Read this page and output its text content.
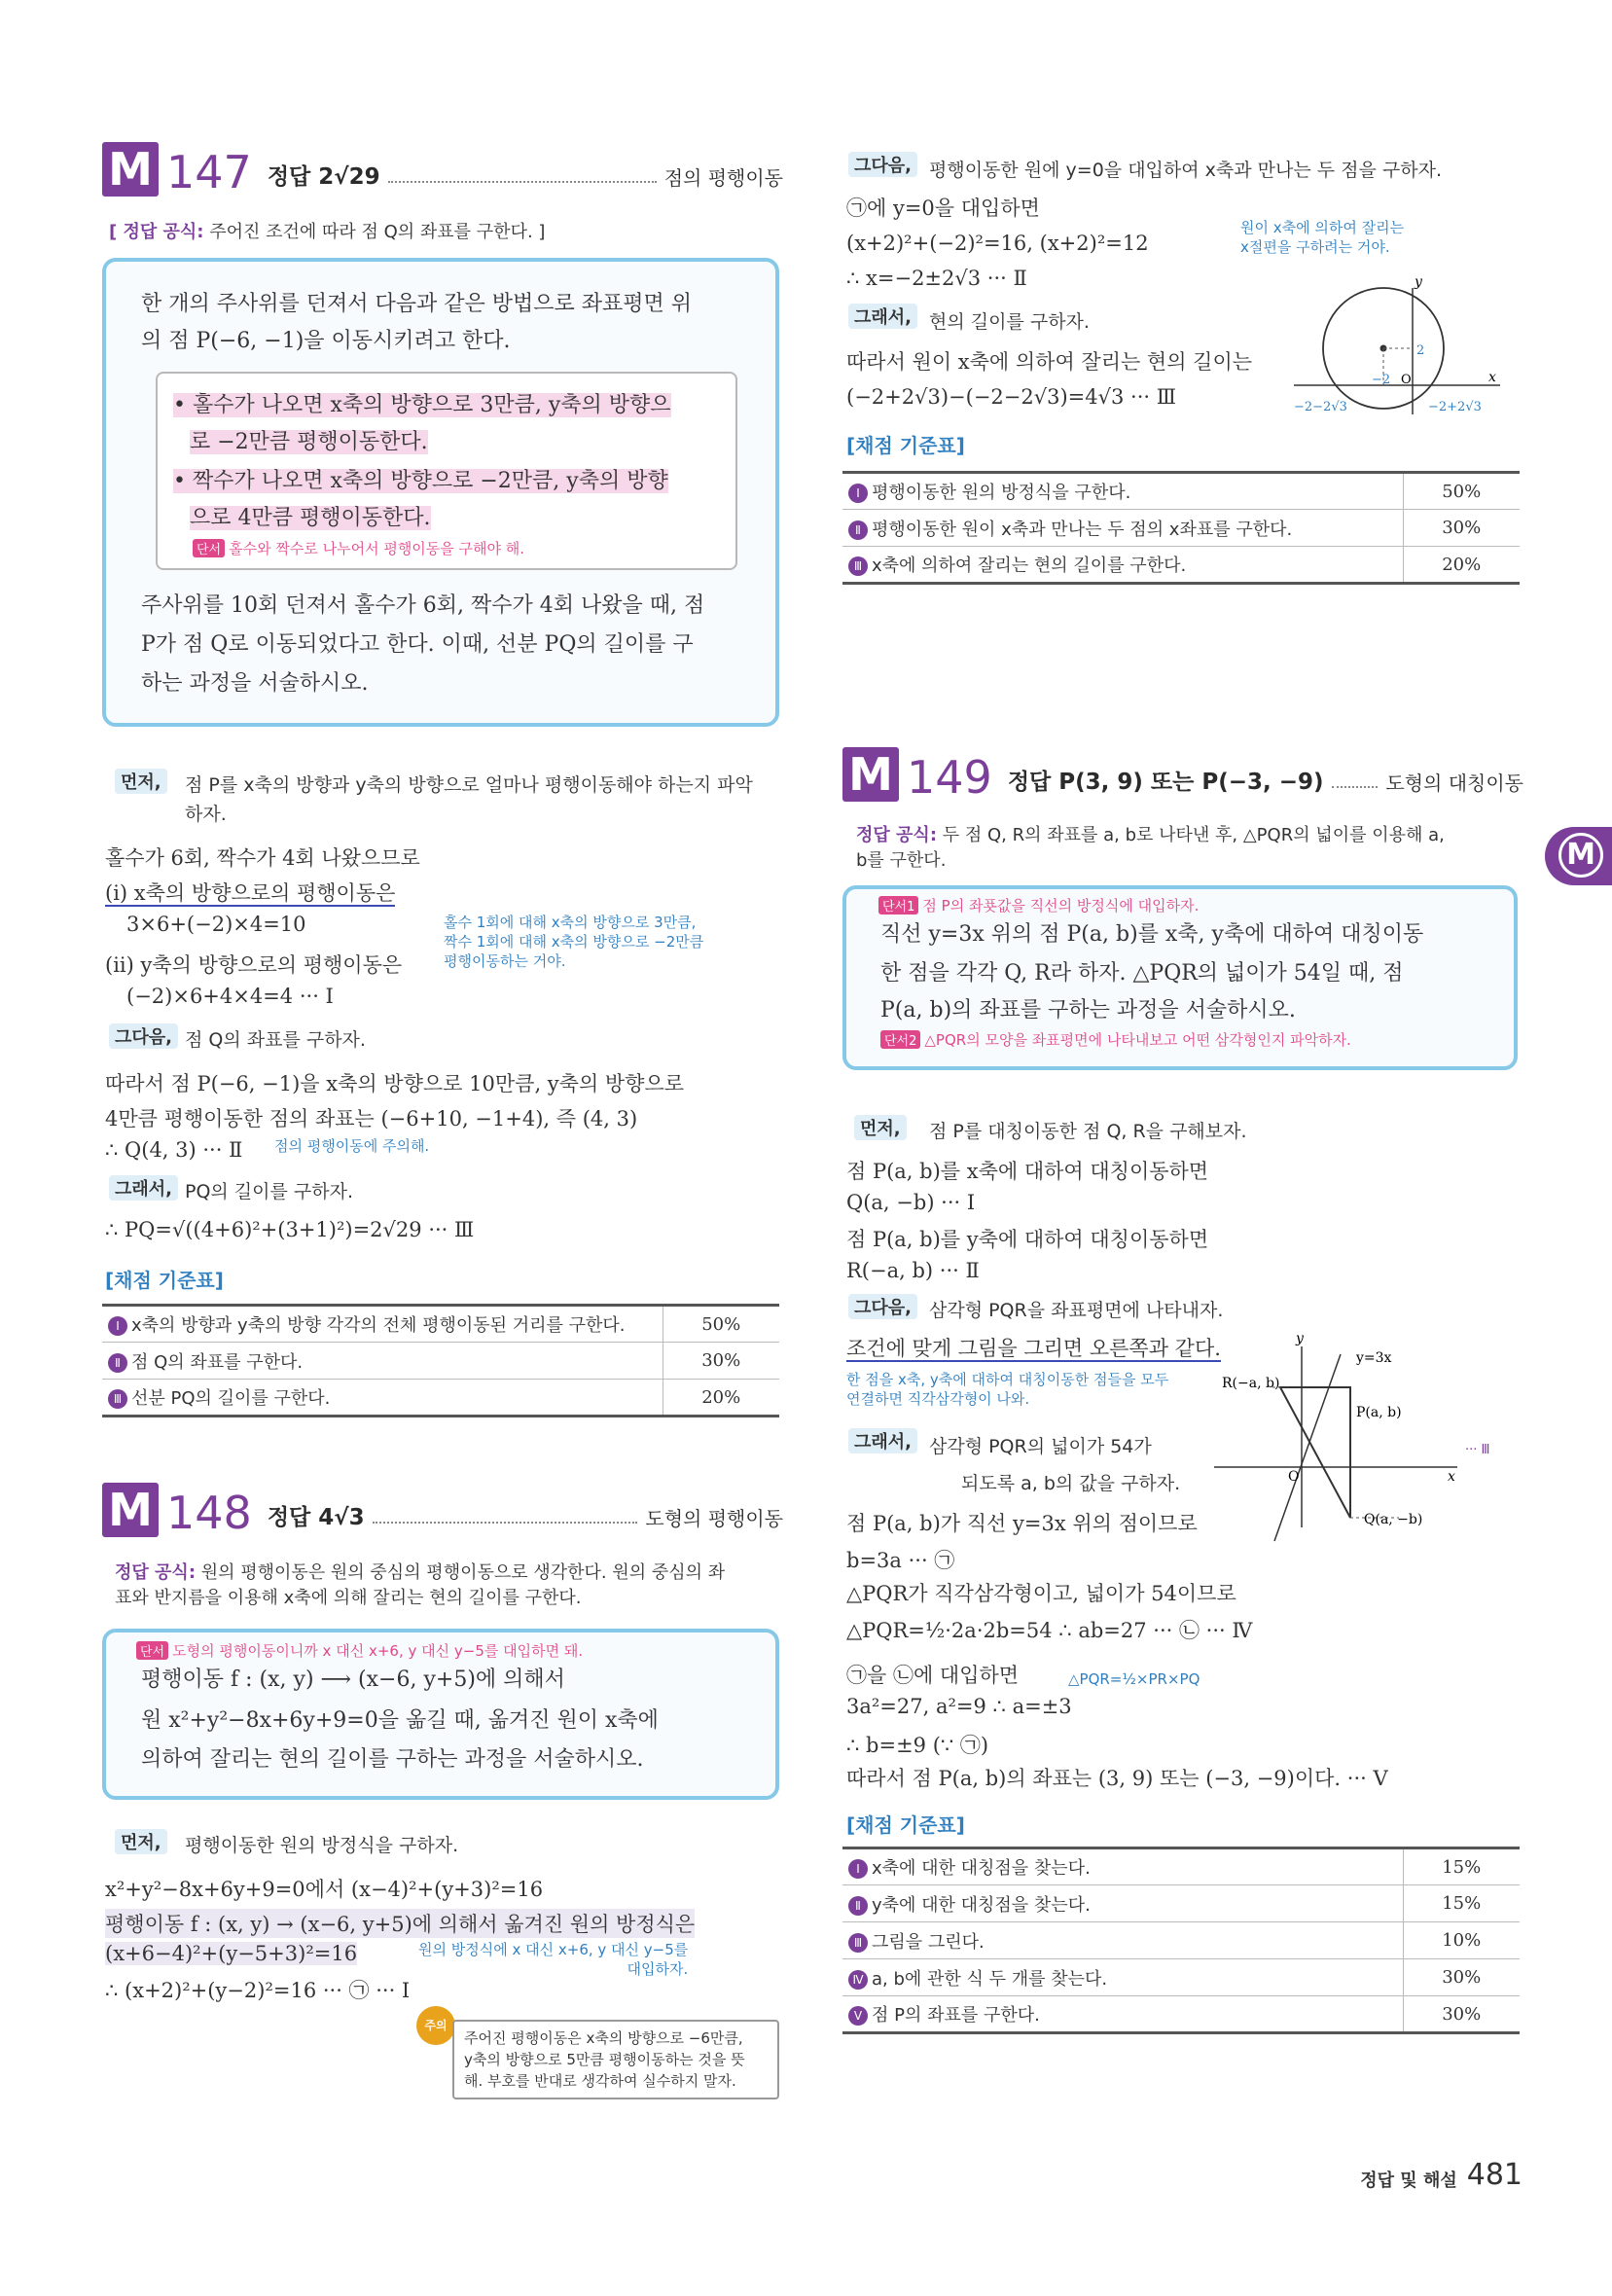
M 147 정답 2√29	점의 평행이동
[ 정답 공식: 주어진 조건에 따라 점 Q의 좌표를 구한다. ]
한 개의 주사위를 던져서 다음과 같은 방법으로 좌표평면 위
의 점 P(−6, −1)을 이동시키려고 한다.
• 홀수가 나오면 x축의 방향으로 3만큼, y축의 방향으
로 −2만큼 평행이동한다.
• 짝수가 나오면 x축의 방향으로 −2만큼, y축의 방향
으로 4만큼 평행이동한다.
단서 홀수와 짝수로 나누어서 평행이동을 구해야 해.
주사위를 10회 던져서 홀수가 6회, 짝수가 4회 나왔을 때, 점
P가 점 Q로 이동되었다고 한다. 이때, 선분 PQ의 길이를 구
하는 과정을 서술하시오.
먼저,	점 P를 x축의 방향과 y축의 방향으로 얼마나 평행이동해야 하는지 파악
하자.
홀수가 6회, 짝수가 4회 나왔으므로
(i) x축의 방향으로의 평행이동은
3×6+(−2)×4=10
(ii) y축의 방향으로의 평행이동은
(−2)×6+4×4=4 ··· Ⅰ
홀수 1회에 대해 x축의 방향으로 3만큼,
짝수 1회에 대해 x축의 방향으로 −2만큼
평행이동하는 거야.
그다음, 점 Q의 좌표를 구하자.
따라서 점 P(−6, −1)을 x축의 방향으로 10만큼, y축의 방향으로
4만큼 평행이동한 점의 좌표는 (−6+10, −1+4), 즉 (4, 3)
∴ Q(4, 3) ··· Ⅱ 점의 평행이동에 주의해.
그래서, PQ의 길이를 구하자.
∴ PQ=√((4+6)²+(3+1)²)=2√29 ··· Ⅲ
[채점 기준표]
Ⅰ x축의 방향과 y축의 방향 각각의 전체 평행이동된 거리를 구한다.	50%
Ⅱ 점 Q의 좌표를 구한다.	30%
Ⅲ 선분 PQ의 길이를 구한다.	20%
M 148 정답 4√3	도형의 평행이동
정답 공식: 원의 평행이동은 원의 중심의 평행이동으로 생각한다. 원의 중심의 좌
표와 반지름을 이용해 x축에 의해 잘리는 현의 길이를 구한다.
단서 도형의 평행이동이니까 x 대신 x+6, y 대신 y−5를 대입하면 돼.
평행이동 f : (x, y) ⟶ (x−6, y+5)에 의해서
원 x²+y²−8x+6y+9=0을 옮길 때, 옮겨진 원이 x축에
의하여 잘리는 현의 길이를 구하는 과정을 서술하시오.
먼저,	평행이동한 원의 방정식을 구하자.
x²+y²−8x+6y+9=0에서 (x−4)²+(y+3)²=16
평행이동 f : (x, y) → (x−6, y+5)에 의해서 옮겨진 원의 방정식은
(x+6−4)²+(y−5+3)²=16	원의 방정식에 x 대신 x+6, y 대신 y−5를
대입하자.
∴ (x+2)²+(y−2)²=16 ··· ㉠ ··· Ⅰ
주의
주어진 평행이동은 x축의 방향으로 −6만큼,
y축의 방향으로 5만큼 평행이동하는 것을 뜻
해. 부호를 반대로 생각하여 실수하지 말자.
그다음, 평행이동한 원에 y=0을 대입하여 x축과 만나는 두 점을 구하자.
㉠에 y=0을 대입하면
(x+2)²+(−2)²=16, (x+2)²=12
∴ x=−2±2√3 ··· Ⅱ
원이 x축에 의하여 잘리는
x절편을 구하려는 거야.
그래서, 현의 길이를 구하자.
따라서 원이 x축에 의하여 잘리는 현의 길이는
(−2+2√3)−(−2−2√3)=4√3 ··· Ⅲ
y
x
2
−2 O
−2−2√3	−2+2√3
[채점 기준표]
Ⅰ 평행이동한 원의 방정식을 구한다.	50%
Ⅱ 평행이동한 원이 x축과 만나는 두 점의 x좌표를 구한다.	30%
Ⅲ x축에 의하여 잘리는 현의 길이를 구한다.	20%
M 149 정답 P(3, 9) 또는 P(−3, −9)	도형의 대칭이동
정답 공식: 두 점 Q, R의 좌표를 a, b로 나타낸 후, △PQR의 넓이를 이용해 a,
b를 구한다.
단서1 점 P의 좌푯값을 직선의 방정식에 대입하자.
직선 y=3x 위의 점 P(a, b)를 x축, y축에 대하여 대칭이동
한 점을 각각 Q, R라 하자. △PQR의 넓이가 54일 때, 점
P(a, b)의 좌표를 구하는 과정을 서술하시오.
단서2 △PQR의 모양을 좌표평면에 나타내보고 어떤 삼각형인지 파악하자.
먼저,	점 P를 대칭이동한 점 Q, R을 구해보자.
점 P(a, b)를 x축에 대하여 대칭이동하면
Q(a, −b) ··· Ⅰ
점 P(a, b)를 y축에 대하여 대칭이동하면
R(−a, b) ··· Ⅱ
그다음, 삼각형 PQR을 좌표평면에 나타내자.
조건에 맞게 그림을 그리면 오른쪽과 같다.
한 점을 x축, y축에 대하여 대칭이동한 점들을 모두
연결하면 직각삼각형이 나와.
그래서, 삼각형 PQR의 넓이가 54가
되도록 a, b의 값을 구하자.
점 P(a, b)가 직선 y=3x 위의 점이므로
b=3a ··· ㉠
△PQR가 직각삼각형이고, 넓이가 54이므로
△PQR=½·2a·2b=54 ∴ ab=27 ··· ㉡ ··· Ⅳ
㉠을 ㉡에 대입하면	△PQR=½×PR×PQ
3a²=27, a²=9 ∴ a=±3
∴ b=±9 (∵ ㉠)
따라서 점 P(a, b)의 좌표는 (3, 9) 또는 (−3, −9)이다. ··· Ⅴ
y
y=3x
R(−a, b)
P(a, b)
O	x
Q(a, −b)
··· Ⅲ
[채점 기준표]
Ⅰ x축에 대한 대칭점을 찾는다.	15%
Ⅱ y축에 대한 대칭점을 찾는다.	15%
Ⅲ 그림을 그린다.	10%
Ⅳ a, b에 관한 식 두 개를 찾는다.	30%
Ⅴ 점 P의 좌표를 구한다.	30%
M
정답 및 해설 481
